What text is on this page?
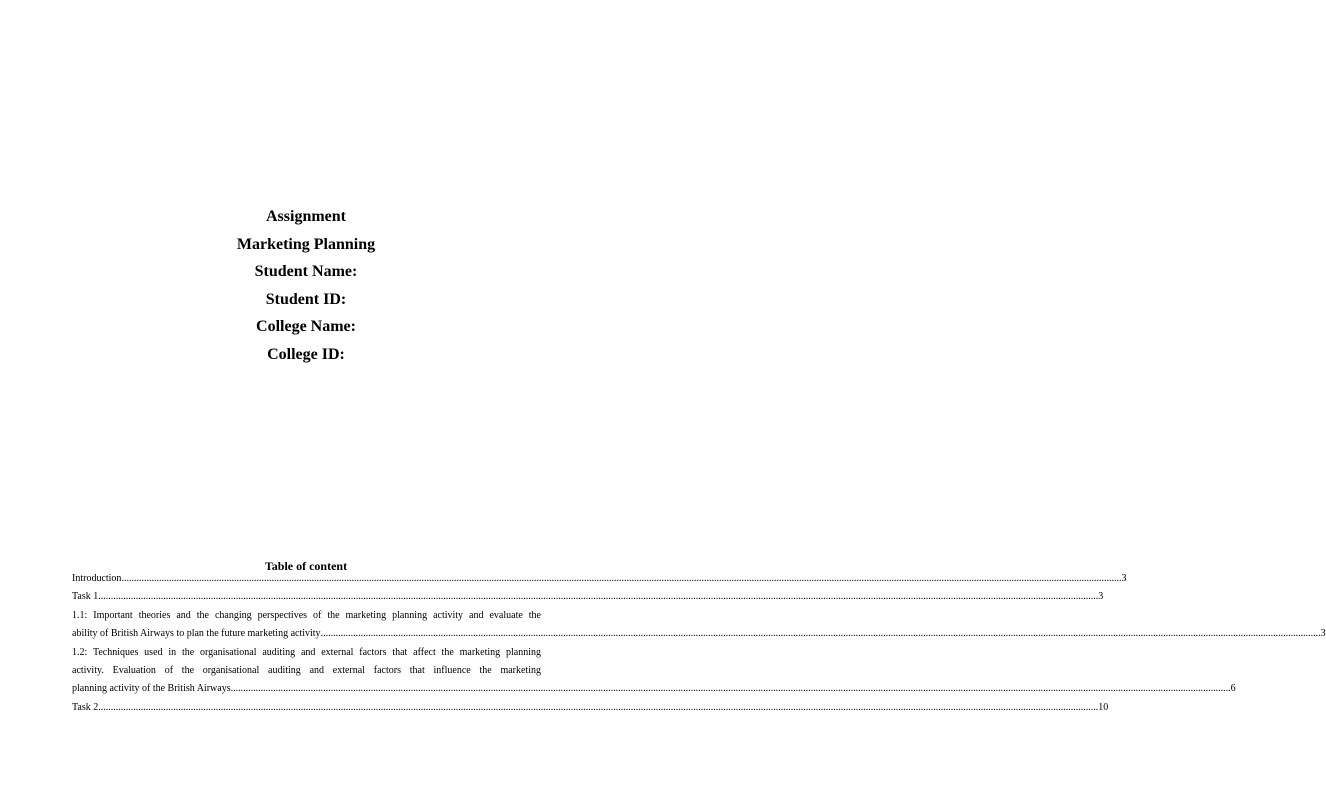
Assignment
Marketing Planning
Student Name:
Student ID:
College Name:
College ID:
Table of content
Introduction ................................................................................................................................................................................................................................................................................................................................................................................................................ 3
Task 1 ................................................................................................................................................................................................................................................................................................................................................................................................................ 3
1.1: Important theories and the changing perspectives of the marketing planning activity and evaluate the
ability of British Airways to plan the future marketing activity ................................................................................................................................................................................................................................................................................................................................................................................................................ 3
1.2: Techniques used in the organisational auditing and external factors that affect the marketing planning
activity. Evaluation of the organisational auditing and external factors that influence the marketing
planning activity of the British Airways ................................................................................................................................................................................................................................................................................................................................................................................................................ 6
Task 2 ................................................................................................................................................................................................................................................................................................................................................................................................................ 10
